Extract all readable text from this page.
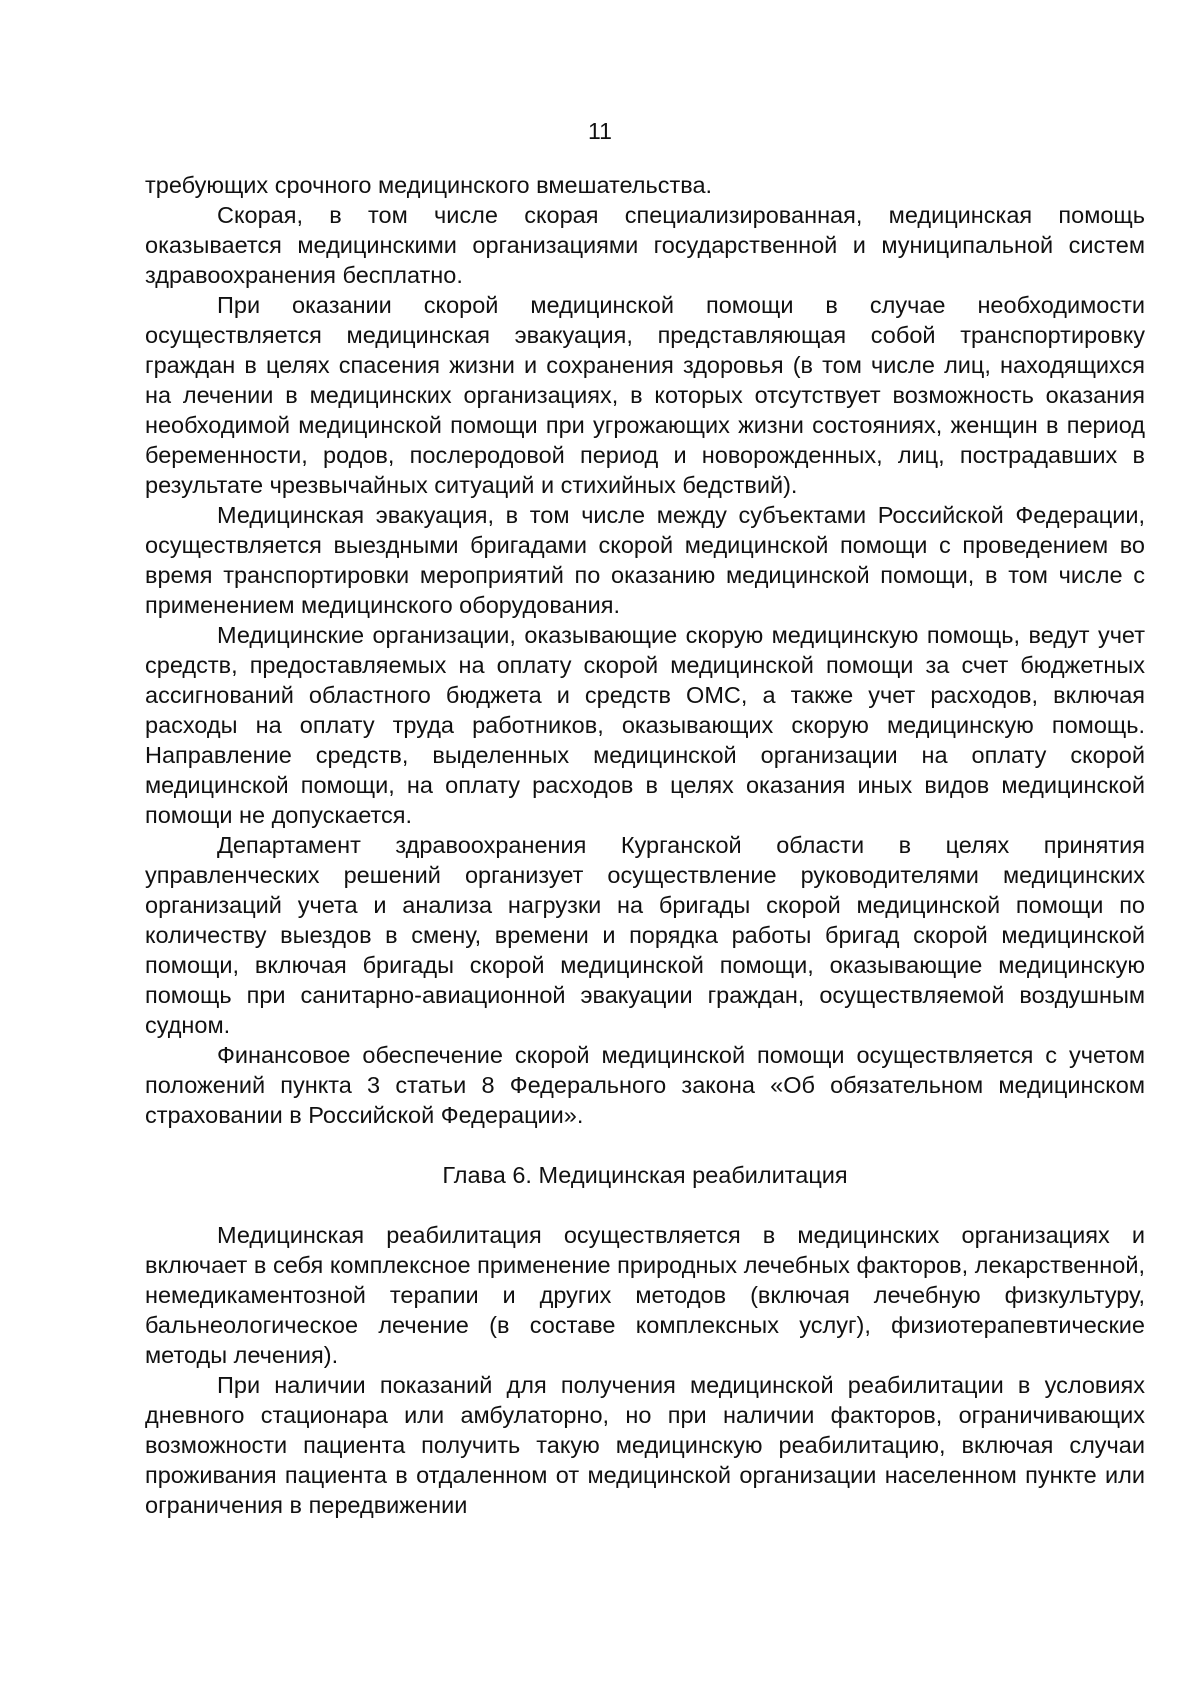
11

требующих срочного медицинского вмешательства.

Скорая, в том числе скорая специализированная, медицинская помощь оказывается медицинскими организациями государственной и муниципальной систем здравоохранения бесплатно.

При оказании скорой медицинской помощи в случае необходимости осуществляется медицинская эвакуация, представляющая собой транспортировку граждан в целях спасения жизни и сохранения здоровья (в том числе лиц, находящихся на лечении в медицинских организациях, в которых отсутствует возможность оказания необходимой медицинской помощи при угрожающих жизни состояниях, женщин в период беременности, родов, послеродовой период и новорожденных, лиц, пострадавших в результате чрезвычайных ситуаций и стихийных бедствий).

Медицинская эвакуация, в том числе между субъектами Российской Федерации, осуществляется выездными бригадами скорой медицинской помощи с проведением во время транспортировки мероприятий по оказанию медицинской помощи, в том числе с применением медицинского оборудования.

Медицинские организации, оказывающие скорую медицинскую помощь, ведут учет средств, предоставляемых на оплату скорой медицинской помощи за счет бюджетных ассигнований областного бюджета и средств ОМС, а также учет расходов, включая расходы на оплату труда работников, оказывающих скорую медицинскую помощь. Направление средств, выделенных медицинской организации на оплату скорой медицинской помощи, на оплату расходов в целях оказания иных видов медицинской помощи не допускается.

Департамент здравоохранения Курганской области в целях принятия управленческих решений организует осуществление руководителями медицинских организаций учета и анализа нагрузки на бригады скорой медицинской помощи по количеству выездов в смену, времени и порядка работы бригад скорой медицинской помощи, включая бригады скорой медицинской помощи, оказывающие медицинскую помощь при санитарно-авиационной эвакуации граждан, осуществляемой воздушным судном.

Финансовое обеспечение скорой медицинской помощи осуществляется с учетом положений пункта 3 статьи 8 Федерального закона «Об обязательном медицинском страховании в Российской Федерации».

Глава 6. Медицинская реабилитация

Медицинская реабилитация осуществляется в медицинских организациях и включает в себя комплексное применение природных лечебных факторов, лекарственной, немедикаментозной терапии и других методов (включая лечебную физкультуру, бальнеологическое лечение (в составе комплексных услуг), физиотерапевтические методы лечения).

При наличии показаний для получения медицинской реабилитации в условиях дневного стационара или амбулаторно, но при наличии факторов, ограничивающих возможности пациента получить такую медицинскую реабилитацию, включая случаи проживания пациента в отдаленном от медицинской организации населенном пункте или ограничения в передвижении
